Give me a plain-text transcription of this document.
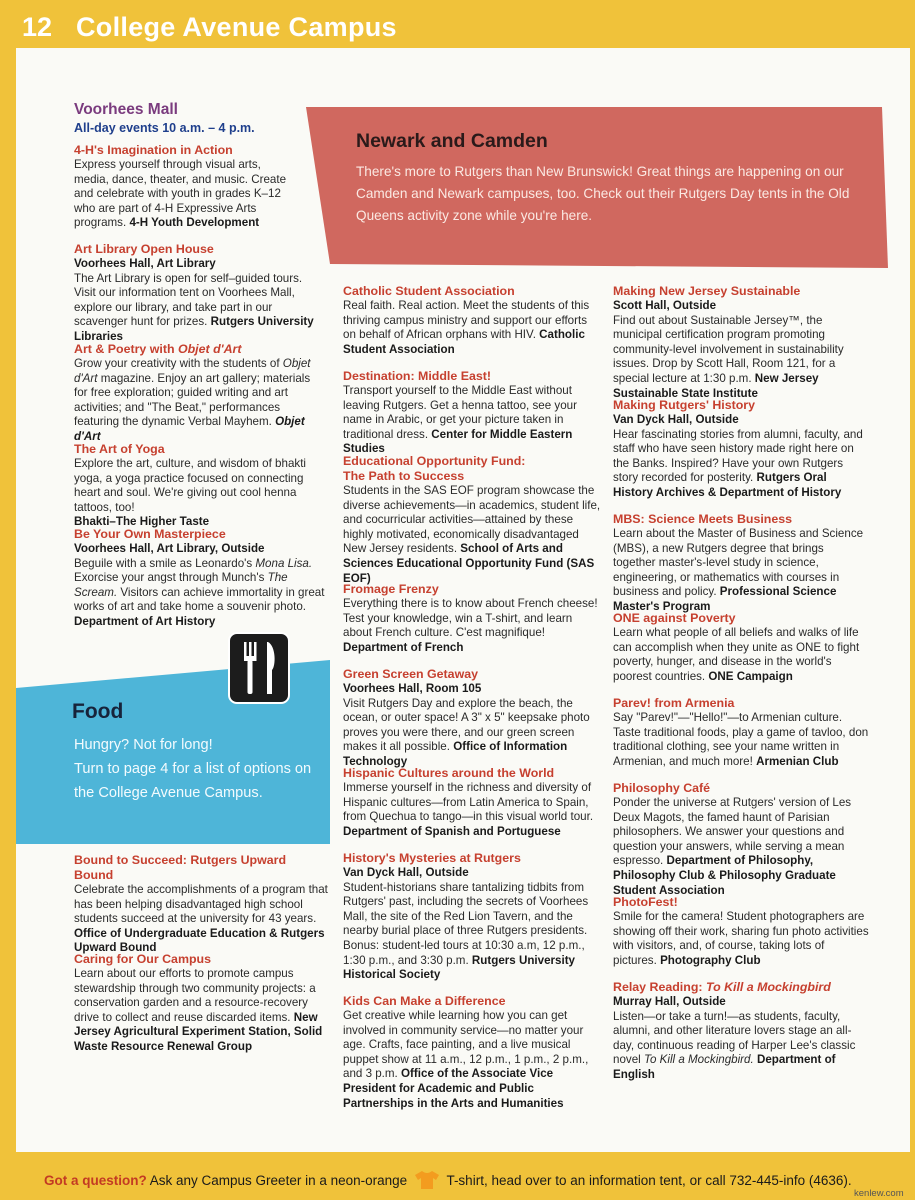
12 College Avenue Campus
Newark and Camden
There's more to Rutgers than New Brunswick! Great things are happening on our Camden and Newark campuses, too. Check out their Rutgers Day tents in the Old Queens activity zone while you're here.
Food
Hungry? Not for long!
Turn to page 4 for a list of options on the College Avenue Campus.
Voorhees Mall
All-day events 10 a.m. – 4 p.m.
4-H's Imagination in Action
Express yourself through visual arts, media, dance, theater, and music. Create and celebrate with youth in grades K–12 who are part of 4-H Expressive Arts programs. 4-H Youth Development
Art Library Open House
Voorhees Hall, Art Library
The Art Library is open for self–guided tours. Visit our information tent on Voorhees Mall, explore our library, and take part in our scavenger hunt for prizes. Rutgers University Libraries
Art & Poetry with Objet d'Art
Grow your creativity with the students of Objet d'Art magazine. Enjoy an art gallery; materials for free exploration; guided writing and art activities; and "The Beat," performances featuring the dynamic Verbal Mayhem. Objet d'Art
The Art of Yoga
Explore the art, culture, and wisdom of bhakti yoga, a yoga practice focused on connecting heart and soul. We're giving out cool henna tattoos, too!
Bhakti–The Higher Taste
Be Your Own Masterpiece
Voorhees Hall, Art Library, Outside
Beguile with a smile as Leonardo's Mona Lisa. Exorcise your angst through Munch's The Scream. Visitors can achieve immortality in great works of art and take home a souvenir photo. Department of Art History
Bound to Succeed: Rutgers Upward Bound
Celebrate the accomplishments of a program that has been helping disadvantaged high school students succeed at the university for 43 years. Office of Undergraduate Education & Rutgers Upward Bound
Caring for Our Campus
Learn about our efforts to promote campus stewardship through two community projects: a conservation garden and a resource-recovery drive to collect and reuse discarded items. New Jersey Agricultural Experiment Station, Solid Waste Resource Renewal Group
Catholic Student Association
Real faith. Real action. Meet the students of this thriving campus ministry and support our efforts on behalf of African orphans with HIV. Catholic Student Association
Destination: Middle East!
Transport yourself to the Middle East without leaving Rutgers. Get a henna tattoo, see your name in Arabic, or get your picture taken in traditional dress. Center for Middle Eastern Studies
Educational Opportunity Fund: The Path to Success
Students in the SAS EOF program showcase the diverse achievements—in academics, student life, and cocurricular activities—attained by these highly motivated, economically disadvantaged New Jersey residents. School of Arts and Sciences Educational Opportunity Fund (SAS EOF)
Fromage Frenzy
Everything there is to know about French cheese! Test your knowledge, win a T-shirt, and learn about French culture. C'est magnifique! Department of French
Green Screen Getaway
Voorhees Hall, Room 105
Visit Rutgers Day and explore the beach, the ocean, or outer space! A 3" x 5" keepsake photo proves you were there, and our green screen makes it all possible. Office of Information Technology
Hispanic Cultures around the World
Immerse yourself in the richness and diversity of Hispanic cultures—from Latin America to Spain, from Quechua to tango—in this visual world tour. Department of Spanish and Portuguese
History's Mysteries at Rutgers
Van Dyck Hall, Outside
Student-historians share tantalizing tidbits from Rutgers' past, including the secrets of Voorhees Mall, the site of the Red Lion Tavern, and the nearby burial place of three Rutgers presidents. Bonus: student-led tours at 10:30 a.m, 12 p.m., 1:30 p.m., and 3:30 p.m. Rutgers University Historical Society
Kids Can Make a Difference
Get creative while learning how you can get involved in community service—no matter your age. Crafts, face painting, and a live musical puppet show at 11 a.m., 12 p.m., 1 p.m., 2 p.m., and 3 p.m. Office of the Associate Vice President for Academic and Public Partnerships in the Arts and Humanities
Making New Jersey Sustainable
Scott Hall, Outside
Find out about Sustainable Jersey™, the municipal certification program promoting community-level involvement in sustainability issues. Drop by Scott Hall, Room 121, for a special lecture at 1:30 p.m. New Jersey Sustainable State Institute
Making Rutgers' History
Van Dyck Hall, Outside
Hear fascinating stories from alumni, faculty, and staff who have seen history made right here on the Banks. Inspired? Have your own Rutgers story recorded for posterity. Rutgers Oral History Archives & Department of History
MBS: Science Meets Business
Learn about the Master of Business and Science (MBS), a new Rutgers degree that brings together master's-level study in science, engineering, or mathematics with courses in business and policy. Professional Science Master's Program
ONE against Poverty
Learn what people of all beliefs and walks of life can accomplish when they unite as ONE to fight poverty, hunger, and disease in the world's poorest countries. ONE Campaign
Parev! from Armenia
Say "Parev!"—"Hello!"—to Armenian culture. Taste traditional foods, play a game of tavloo, don traditional clothing, see your name written in Armenian, and much more! Armenian Club
Philosophy Café
Ponder the universe at Rutgers' version of Les Deux Magots, the famed haunt of Parisian philosophers. We answer your questions and question your answers, while serving a mean espresso. Department of Philosophy, Philosophy Club & Philosophy Graduate Student Association
PhotoFest!
Smile for the camera! Student photographers are showing off their work, sharing fun photo activities with visitors, and, of course, taking lots of pictures. Photography Club
Relay Reading: To Kill a Mockingbird
Murray Hall, Outside
Listen—or take a turn!—as students, faculty, alumni, and other literature lovers stage an all-day, continuous reading of Harper Lee's classic novel To Kill a Mockingbird. Department of English
Got a question? Ask any Campus Greeter in a neon-orange	T-shirt, head over to an information tent, or call 732-445-info (4636).
kenlew.com
